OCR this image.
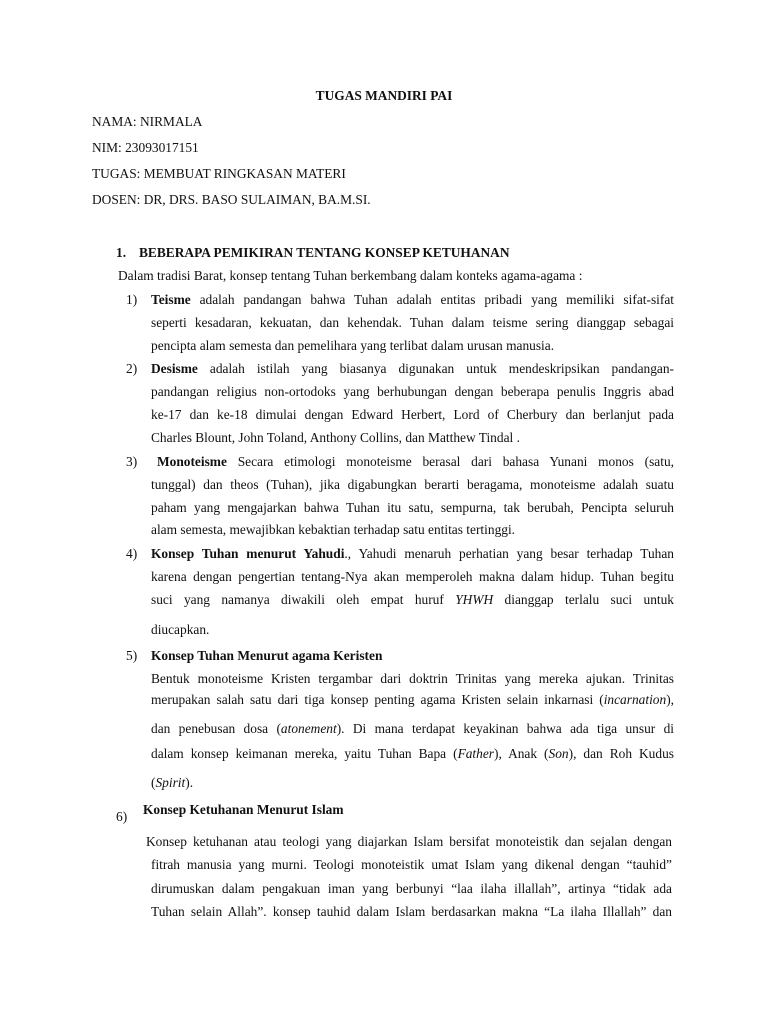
TUGAS MANDIRI PAI
NAMA: NIRMALA
NIM: 23093017151
TUGAS: MEMBUAT RINGKASAN MATERI
DOSEN: DR, DRS. BASO SULAIMAN, BA.M.SI.
1. BEBERAPA PEMIKIRAN TENTANG KONSEP KETUHANAN
Dalam tradisi Barat, konsep tentang Tuhan berkembang dalam konteks agama-agama :
1) Teisme adalah pandangan bahwa Tuhan adalah entitas pribadi yang memiliki sifat-sifat
seperti kesadaran, kekuatan, dan kehendak. Tuhan dalam teisme sering dianggap sebagai
pencipta alam semesta dan pemelihara yang terlibat dalam urusan manusia.
2) Desisme adalah istilah yang biasanya digunakan untuk mendeskripsikan pandangan-
pandangan religius non-ortodoks yang berhubungan dengan beberapa penulis Inggris abad
ke-17 dan ke-18 dimulai dengan Edward Herbert, Lord of Cherbury dan berlanjut pada
Charles Blount, John Toland, Anthony Collins, dan Matthew Tindal .
3) Monoteisme Secara etimologi monoteisme berasal dari bahasa Yunani monos (satu,
tunggal) dan theos (Tuhan), jika digabungkan berarti beragama, monoteisme adalah suatu
paham yang mengajarkan bahwa Tuhan itu satu, sempurna, tak berubah, Pencipta seluruh
alam semesta, mewajibkan kebaktian terhadap satu entitas tertinggi.
4) Konsep Tuhan menurut Yahudi., Yahudi menaruh perhatian yang besar terhadap Tuhan
karena dengan pengertian tentang-Nya akan memperoleh makna dalam hidup. Tuhan begitu
suci yang namanya diwakili oleh empat huruf YHWH dianggap terlalu suci untuk
diucapkan.
5) Konsep Tuhan Menurut agama Keristen
Bentuk monoteisme Kristen tergambar dari doktrin Trinitas yang mereka ajukan. Trinitas
merupakan salah satu dari tiga konsep penting agama Kristen selain inkarnasi (incarnation),
dan penebusan dosa (atonement). Di mana terdapat keyakinan bahwa ada tiga unsur di
dalam konsep keimanan mereka, yaitu Tuhan Bapa (Father), Anak (Son), dan Roh Kudus
(Spirit).
Konsep Ketuhanan Menurut Islam
6)
Konsep ketuhanan atau teologi yang diajarkan Islam bersifat monoteistik dan sejalan dengan
fitrah manusia yang murni. Teologi monoteistik umat Islam yang dikenal dengan “tauhid”
dirumuskan dalam pengakuan iman yang berbunyi “laa ilaha illallah”, artinya “tidak ada
Tuhan selain Allah”. konsep tauhid dalam Islam berdasarkan makna “La ilaha Illallah” dan
